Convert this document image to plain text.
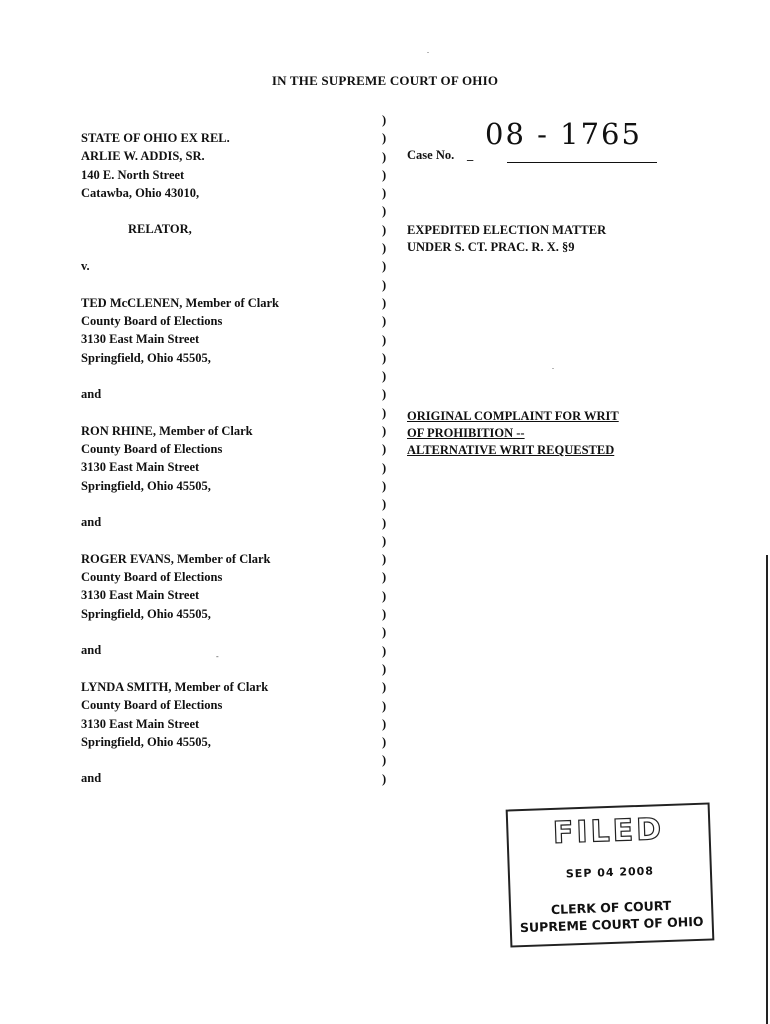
IN THE SUPREME COURT OF OHIO
STATE OF OHIO EX REL.
ARLIE W. ADDIS, SR.
140 E. North Street
Catawba, Ohio 43010,
RELATOR,
v.
TED McCLENEN, Member of Clark
County Board of Elections
3130 East Main Street
Springfield, Ohio 45505,
and
RON RHINE, Member of Clark
County Board of Elections
3130 East Main Street
Springfield, Ohio 45505,
and
ROGER EVANS, Member of Clark
County Board of Elections
3130 East Main Street
Springfield, Ohio 45505,
and
LYNDA SMITH, Member of Clark
County Board of Elections
3130 East Main Street
Springfield, Ohio 45505,
and
)
)
)
)
)
)
)
)
)
)
)
)
)
)
)
)
)
)
)
)
)
)
)
)
)
)
)
)
)
)
)
)
)
)
)
)
)
Case No. _
08 - 1765
EXPEDITED ELECTION MATTER
UNDER S. CT. PRAC. R. X. §9
ORIGINAL COMPLAINT FOR WRIT
OF PROHIBITION --
ALTERNATIVE WRIT REQUESTED
.
.
-
FILED
SEP 04 2008
CLERK OF COURT
SUPREME COURT OF OHIO
